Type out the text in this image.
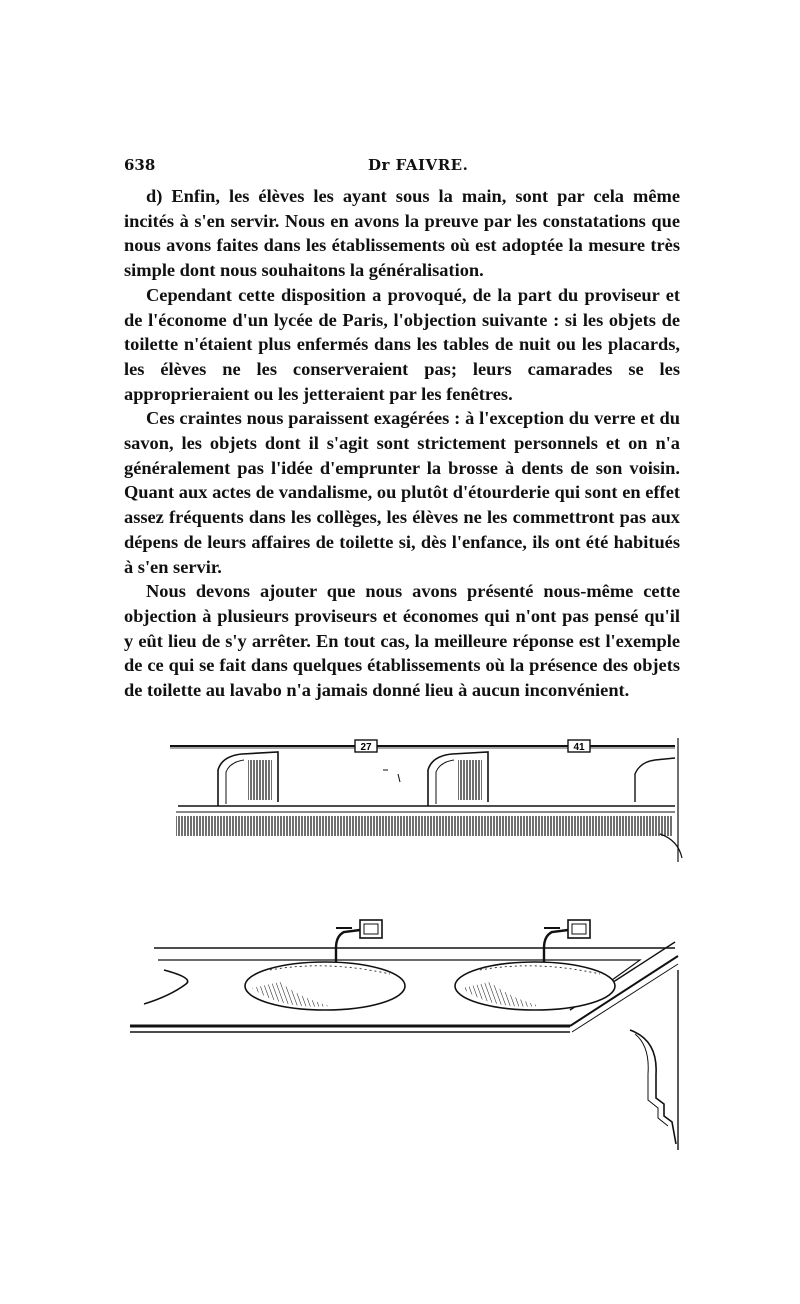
638	Dr FAIVRE.

d) Enfin, les élèves les ayant sous la main, sont par cela même incités à s'en servir. Nous en avons la preuve par les constatations que nous avons faites dans les établissements où est adoptée la mesure très simple dont nous souhaitons la généralisation.

Cependant cette disposition a provoqué, de la part du proviseur et de l'économe d'un lycée de Paris, l'objection suivante : si les objets de toilette n'étaient plus enfermés dans les tables de nuit ou les placards, les élèves ne les conserveraient pas; leurs camarades se les approprieraient ou les jetteraient par les fenêtres.

Ces craintes nous paraissent exagérées : à l'exception du verre et du savon, les objets dont il s'agit sont strictement personnels et on n'a généralement pas l'idée d'emprunter la brosse à dents de son voisin. Quant aux actes de vandalisme, ou plutôt d'étourderie qui sont en effet assez fréquents dans les collèges, les élèves ne les commettront pas aux dépens de leurs affaires de toilette si, dès l'enfance, ils ont été habitués à s'en servir.

Nous devons ajouter que nous avons présenté nous-même cette objection à plusieurs proviseurs et économes qui n'ont pas pensé qu'il y eût lieu de s'y arrêter. En tout cas, la meilleure réponse est l'exemple de ce qui se fait dans quelques établissements où la présence des objets de toilette au lavabo n'a jamais donné lieu à aucun inconvénient.

27	41
